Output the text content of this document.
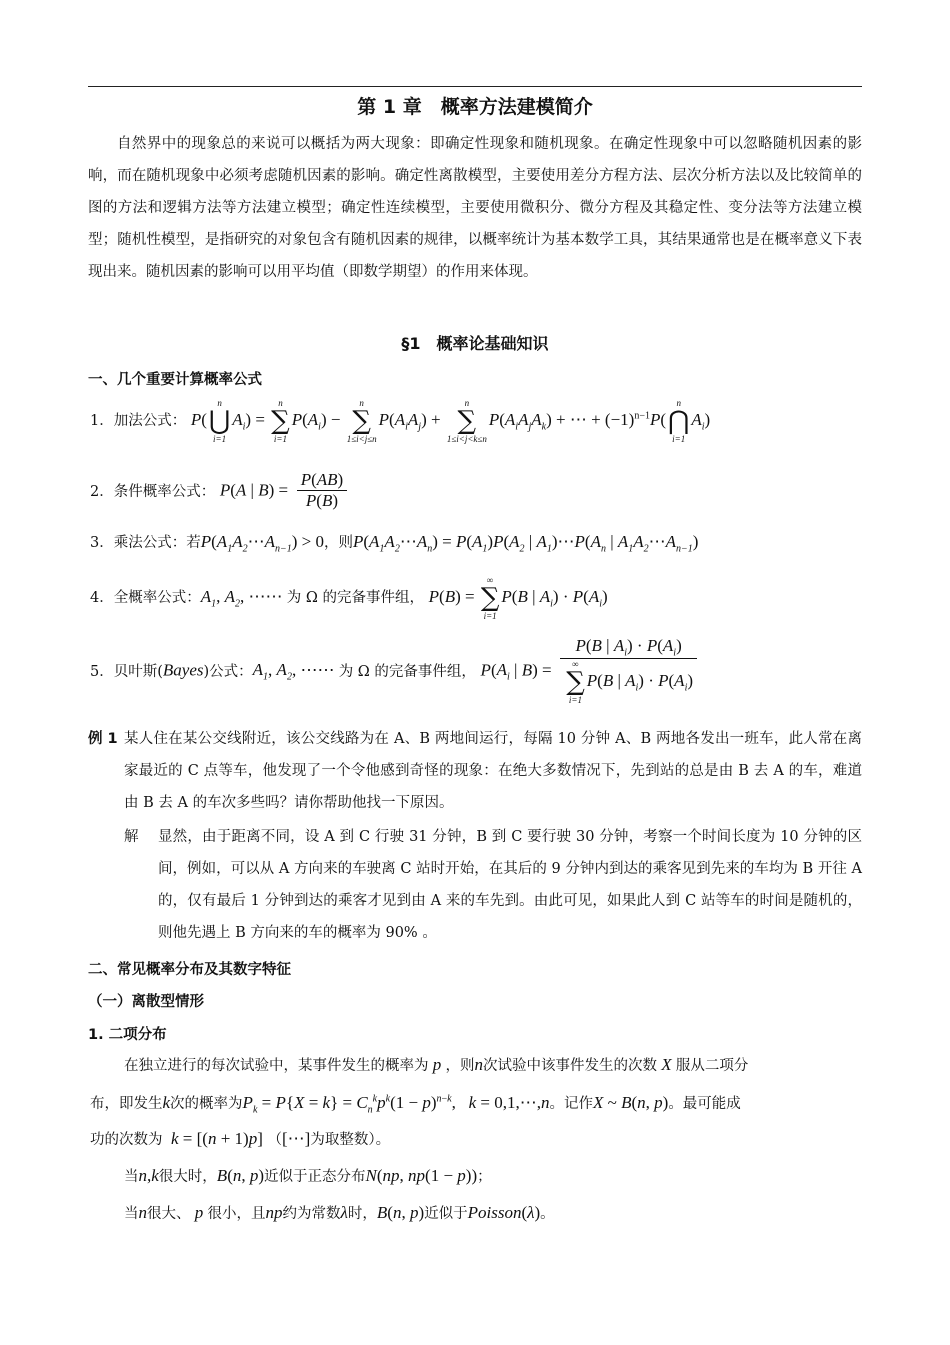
第 1 章　概率方法建模简介
自然界中的现象总的来说可以概括为两大现象：即确定性现象和随机现象。在确定性现象中可以忽略随机因素的影响，而在随机现象中必须考虑随机因素的影响。确定性离散模型，主要使用差分方程方法、层次分析方法以及比较简单的图的方法和逻辑方法等方法建立模型；确定性连续模型，主要使用微积分、微分方程及其稳定性、变分法等方法建立模型；随机性模型，是指研究的对象包含有随机因素的规律，以概率统计为基本数学工具，其结果通常也是在概率意义下表现出来。随机因素的影响可以用平均值（即数学期望）的作用来体现。
§1　概率论基础知识
一、几个重要计算概率公式
1．加法公式： P(
n
⋃
i=1
$A_i$) =
n
∑
i=1
$P(A_i)$ −
n
∑
1≤i<j≤n
$P(A_iA_j)$ +
n
∑
1≤i<j<k≤n
$P(A_iA_jA_k)$ + ⋯ + $(-1)^{n-1}P$(
n
⋂
i=1
$A_i$)
2．条件概率公式： P(A | $B) = \frac{P(AB)}{P(B)}$
3．乘法公式：若$P(A_1A_2\cdots A_{n-1}) > 0$，则$P(A_1A_2\cdots A_n) = P(A_1)P(A_2$ | $A_1)\cdots P(A_n$ | $A_1A_2\cdots A_{n-1}$)
4．全概率公式：$A_1$, $A_2$, ⋯⋯ 为 Ω 的完备事件组， P(B) =
∞
∑
i=1
P(B | $A_i) \cdot P(A_i)$
5．贝叶斯(Bayes)公式：$A_1$, $A_2$, ⋯⋯ 为 Ω 的完备事件组， $P(A_i$ | B) = P(B | $A_i) \cdot P(A_i)$
∞
∑
i=1
P(B | $A_i) \cdot P(A_i)$
例 1 某人住在某公交线附近，该公交线路为在 A、B 两地间运行，每隔 10 分钟 A、B 两地各发出一班车，此人常在离家最近的 C 点等车，他发现了一个令他感到奇怪的现象：在绝大多数情况下，先到站的总是由 B 去 A 的车，难道由 B 去 A 的车次多些吗？请你帮助他找一下原因。
解	显然，由于距离不同，设 A 到 C 行驶 31 分钟，B 到 C 要行驶 30 分钟，考察一个时间长度为 10 分钟的区间，例如，可以从 A 方向来的车驶离 C 站时开始，在其后的 9 分钟内到达的乘客见到先来的车均为 B 开往 A 的，仅有最后 1 分钟到达的乘客才见到由 A 来的车先到。由此可见，如果此人到 C 站等车的时间是随机的，则他先遇上 B 方向来的车的概率为 90% 。
二、常见概率分布及其数字特征
（一）离散型情形
1. 二项分布
在独立进行的每次试验中，某事件发生的概率为 p ，则n次试验中该事件发生的次数 X 服从二项分
布，即发生k次的概率为$P_k = P\{X = k\} = C_n^kp^k(1 - p)^{n-k}$,   k = 0,1,⋯,n。记作X ~ B(n, p)。最可能成
功的次数为  k = [(n + 1)p] （[⋯]为取整数）。
当n,k很大时，B(n, p)近似于正态分布N(np, np(1 − p))；
当n很大、 p 很小，且np约为常数λ时，B(n, p)近似于Poisson(λ)。
